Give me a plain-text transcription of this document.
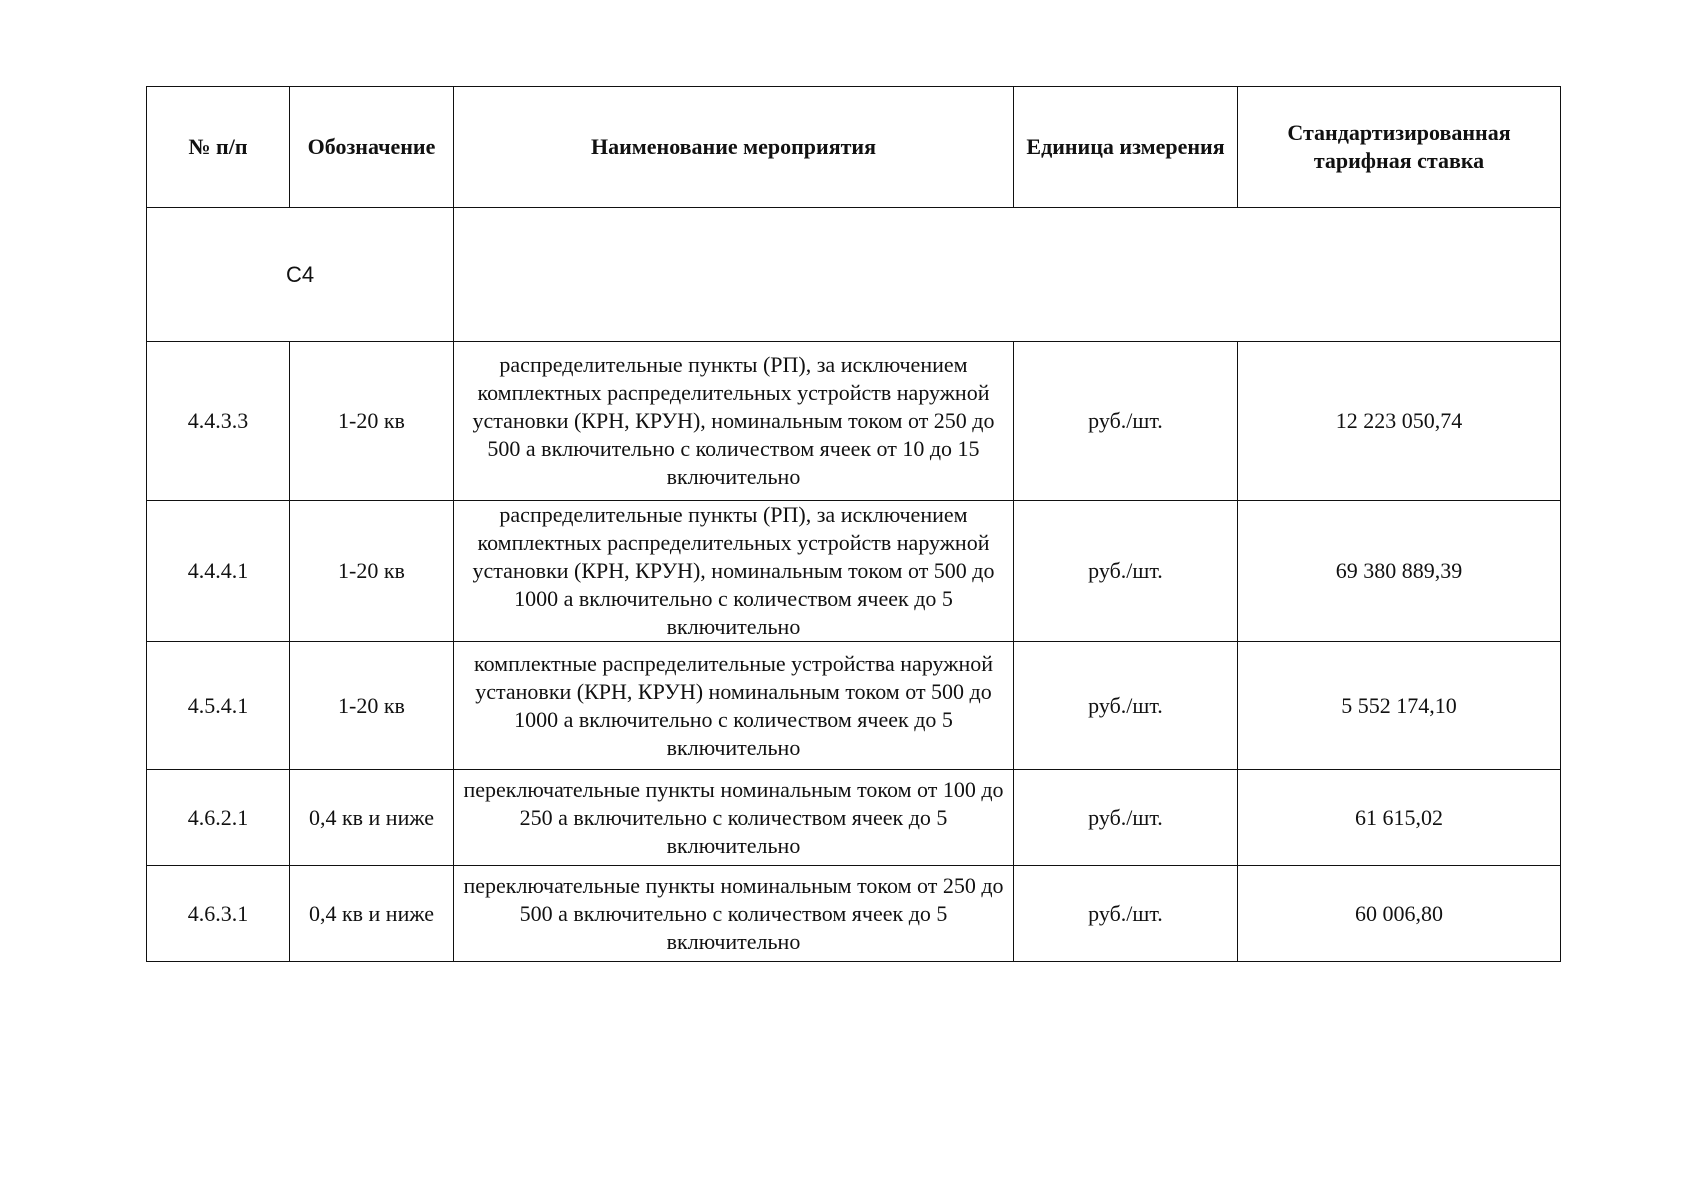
№ п/п	Обозначение	Наименование мероприятия	Единица измерения	Стандартизированная тарифная ставка
С4				
4.4.3.3	1-20 кв	распределительные пункты (РП), за исключением комплектных распределительных устройств наружной установки (КРН, КРУН), номинальным током от 250 до 500 а включительно с количеством ячеек от 10 до 15 включительно	руб./шт.	12 223 050,74
4.4.4.1	1-20 кв	распределительные пункты (РП), за исключением комплектных распределительных устройств наружной установки (КРН, КРУН), номинальным током от 500 до 1000 а включительно с количеством ячеек до 5 включительно	руб./шт.	69 380 889,39
4.5.4.1	1-20 кв	комплектные распределительные устройства наружной установки (КРН, КРУН) номинальным током от 500 до 1000 а включительно с количеством ячеек до 5 включительно	руб./шт.	5 552 174,10
4.6.2.1	0,4 кв и ниже	переключательные пункты номинальным током от 100 до 250 а включительно с количеством ячеек до 5 включительно	руб./шт.	61 615,02
4.6.3.1	0,4 кв и ниже	переключательные пункты номинальным током от 250 до 500 а включительно с количеством ячеек до 5 включительно	руб./шт.	60 006,80
